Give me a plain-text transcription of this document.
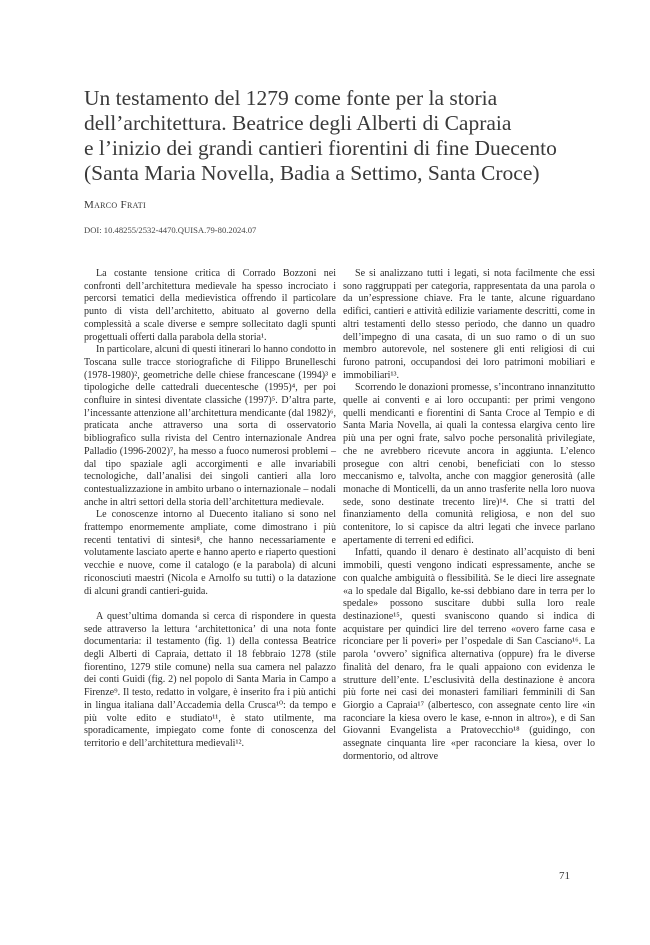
Un testamento del 1279 come fonte per la storia
dell’architettura. Beatrice degli Alberti di Capraia
e l’inizio dei grandi cantieri fiorentini di fine Duecento
(Santa Maria Novella, Badia a Settimo, Santa Croce)
Marco Frati
DOI: 10.48255/2532-4470.QUISA.79-80.2024.07

La costante tensione critica di Corrado Bozzoni nei confronti dell’architettura medievale ha spesso incrociato i percorsi tematici della medievistica offrendo il particolare punto di vista dell’architetto, abituato al governo della complessità a scale diverse e sempre sollecitato dagli spunti progettuali offerti dalla parabola della storia¹.

In particolare, alcuni di questi itinerari lo hanno condotto in Toscana sulle tracce storiografiche di Filippo Brunelleschi (1978-1980)², geometriche delle chiese francescane (1994)³ e tipologiche delle cattedrali duecentesche (1995)⁴, per poi confluire in sintesi diventate classiche (1997)⁵. D’altra parte, l’incessante attenzione all’architettura mendicante (dal 1982)⁶, praticata anche attraverso una sorta di osservatorio bibliografico sulla rivista del Centro internazionale Andrea Palladio (1996-2002)⁷, ha messo a fuoco numerosi problemi – dal tipo spaziale agli accorgimenti e alle invariabili tecnologiche, dall’analisi dei singoli cantieri alla loro contestualizzazione in ambito urbano o internazionale – nodali anche in altri settori della storia dell’architettura medievale.

Le conoscenze intorno al Duecento italiano si sono nel frattempo enormemente ampliate, come dimostrano i più recenti tentativi di sintesi⁸, che hanno necessariamente e volutamente lasciato aperte e hanno aperto e riaperto questioni vecchie e nuove, come il catalogo (e la parabola) di alcuni riconosciuti maestri (Nicola e Arnolfo su tutti) o la datazione di alcuni grandi cantieri-guida.

A quest’ultima domanda si cerca di rispondere in questa sede attraverso la lettura ‘architettonica’ di una nota fonte documentaria: il testamento (fig. 1) della contessa Beatrice degli Alberti di Capraia, dettato il 18 febbraio 1278 (stile fiorentino, 1279 stile comune) nella sua camera nel palazzo dei conti Guidi (fig. 2) nel popolo di Santa Maria in Campo a Firenze⁹. Il testo, redatto in volgare, è inserito fra i più antichi in lingua italiana dall’Accademia della Crusca¹⁰: da tempo e più volte edito e studiato¹¹, è stato utilmente, ma sporadicamente, impiegato come fonte di conoscenza del territorio e dell’architettura medievali¹².

Se si analizzano tutti i legati, si nota facilmente che essi sono raggruppati per categoria, rappresentata da una parola o da un’espressione chiave. Fra le tante, alcune riguardano edifici, cantieri e attività edilizie variamente descritti, come in altri testamenti dello stesso periodo, che danno un quadro dell’impegno di una casata, di un suo ramo o di un suo membro autorevole, nel sostenere gli enti religiosi di cui furono patroni, occupandosi dei loro patrimoni mobiliari e immobiliari¹³.

Scorrendo le donazioni promesse, s’incontrano innanzitutto quelle ai conventi e ai loro occupanti: per primi vengono quelli mendicanti e fiorentini di Santa Croce al Tempio e di Santa Maria Novella, ai quali la contessa elargiva cento lire più una per ogni frate, salvo poche personalità privilegiate, che ne avrebbero ricevute ancora in aggiunta. L’elenco prosegue con altri cenobi, beneficiati con lo stesso meccanismo e, talvolta, anche con maggior generosità (alle monache di Monticelli, da un anno trasferite nella loro nuova sede, sono destinate trecento lire)¹⁴. Che si tratti del finanziamento della comunità religiosa, e non del suo contenitore, lo si capisce da altri legati che invece parlano apertamente di terreni ed edifici.

Infatti, quando il denaro è destinato all’acquisto di beni immobili, questi vengono indicati espressamente, anche se con qualche ambiguità o flessibilità. Se le dieci lire assegnate «a lo spedale dal Bigallo, ke-ssi debbiano dare in terra per lo spedale» possono suscitare dubbi sulla loro reale destinazione¹⁵, questi svaniscono quando si indica di acquistare per quindici lire del terreno «overo farne casa e riconciare per li poveri» per l’ospedale di San Casciano¹⁶. La parola ‘ovvero’ significa alternativa (oppure) fra le diverse finalità del denaro, fra le quali appaiono con evidenza le strutture dell’ente. L’esclusività della destinazione è ancora più forte nei casi dei monasteri familiari femminili di San Giorgio a Capraia¹⁷ (albertesco, con assegnate cento lire «in raconciare la kiesa overo le kase, e-nnon in altro»), e di San Giovanni Evangelista a Pratovecchio¹⁸ (guidingo, con assegnate cinquanta lire «per raconciare la kiesa, over lo dormentorio, od altrove

71
